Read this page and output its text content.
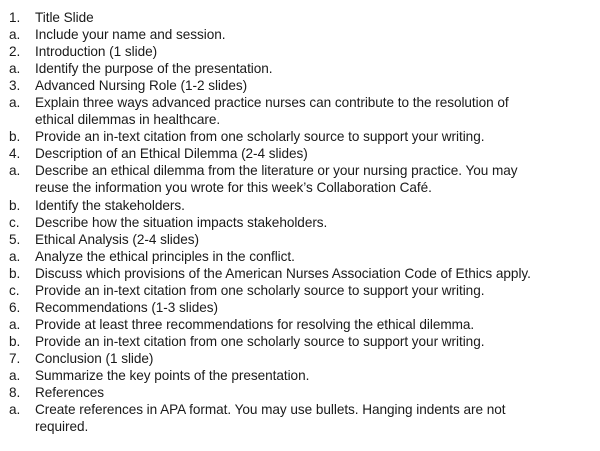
1.	Title Slide
a.	Include your name and session.
2.	Introduction (1 slide)
a.	Identify the purpose of the presentation.
3.	Advanced Nursing Role (1-2 slides)
a.	Explain three ways advanced practice nurses can contribute to the resolution of
ethical dilemmas in healthcare.
b.	Provide an in-text citation from one scholarly source to support your writing.
4.	Description of an Ethical Dilemma (2-4 slides)
a.	Describe an ethical dilemma from the literature or your nursing practice. You may
reuse the information you wrote for this week’s Collaboration Café.
b.	Identify the stakeholders.
c.	Describe how the situation impacts stakeholders.
5.	Ethical Analysis (2-4 slides)
a.	Analyze the ethical principles in the conflict.
b.	Discuss which provisions of the American Nurses Association Code of Ethics apply.
c.	Provide an in-text citation from one scholarly source to support your writing.
6.	Recommendations (1-3 slides)
a.	Provide at least three recommendations for resolving the ethical dilemma.
b.	Provide an in-text citation from one scholarly source to support your writing.
7.	Conclusion (1 slide)
a.	Summarize the key points of the presentation.
8.	References
a.	Create references in APA format. You may use bullets. Hanging indents are not
required.
